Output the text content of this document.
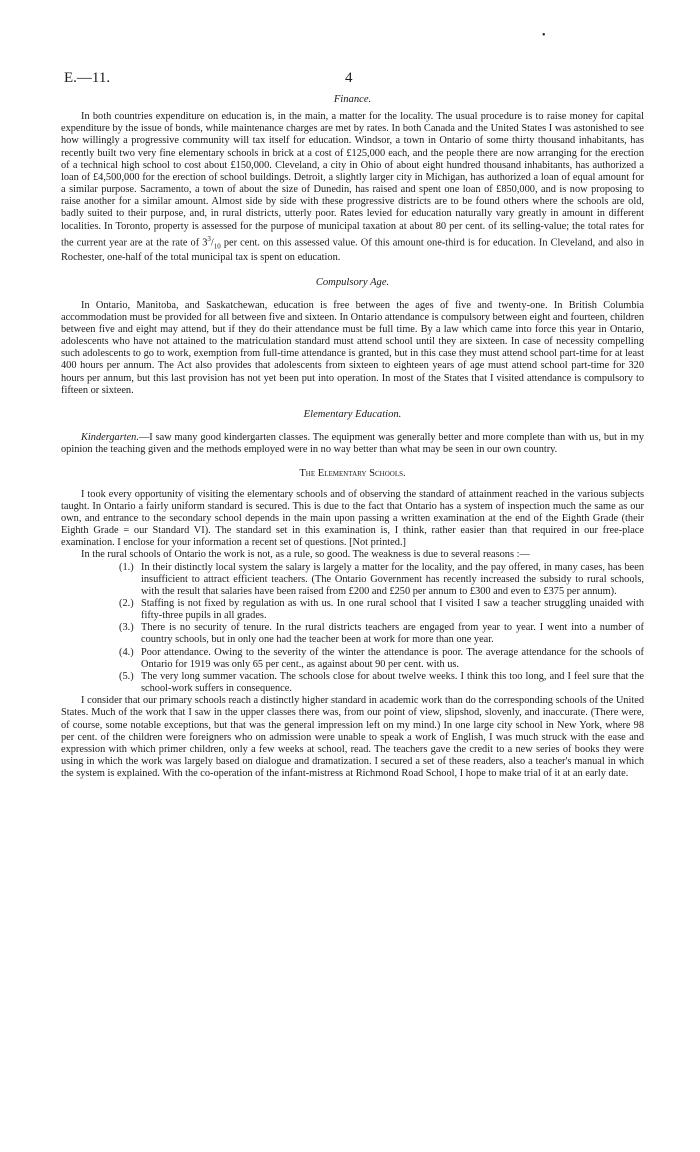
•
E.—11.	4
Finance.

In both countries expenditure on education is, in the main, a matter for the locality. The usual procedure is to raise money for capital expenditure by the issue of bonds, while maintenance charges are met by rates. In both Canada and the United States I was astonished to see how willingly a progressive community will tax itself for education. Windsor, a town in Ontario of some thirty thousand inhabitants, has recently built two very fine elementary schools in brick at a cost of £125,000 each, and the people there are now arranging for the erection of a technical high school to cost about £150,000. Cleveland, a city in Ohio of about eight hundred thousand inhabitants, has authorized a loan of £4,500,000 for the erection of school buildings. Detroit, a slightly larger city in Michigan, has authorized a loan of equal amount for a similar purpose. Sacramento, a town of about the size of Dunedin, has raised and spent one loan of £850,000, and is now proposing to raise another for a similar amount. Almost side by side with these progressive districts are to be found others where the schools are old, badly suited to their purpose, and, in rural districts, utterly poor. Rates levied for education naturally vary greatly in amount in different localities. In Toronto, property is assessed for the purpose of municipal taxation at about 80 per cent. of its selling-value; the total rates for the current year are at the rate of $3^3/_{10}$ per cent. on this assessed value. Of this amount one-third is for education. In Cleveland, and also in Rochester, one-half of the total municipal tax is spent on education.

Compulsory Age.

In Ontario, Manitoba, and Saskatchewan, education is free between the ages of five and twenty-one. In British Columbia accommodation must be provided for all between five and sixteen. In Ontario attendance is compulsory between eight and fourteen, children between five and eight may attend, but if they do their attendance must be full time. By a law which came into force this year in Ontario, adolescents who have not attained to the matriculation standard must attend school until they are sixteen. In case of necessity compelling such adolescents to go to work, exemption from full-time attendance is granted, but in this case they must attend school part-time for at least 400 hours per annum. The Act also provides that adolescents from sixteen to eighteen years of age must attend school part-time for 320 hours per annum, but this last provision has not yet been put into operation. In most of the States that I visited attendance is compulsory to fifteen or sixteen.

Elementary Education.

Kindergarten.—I saw many good kindergarten classes. The equipment was generally better and more complete than with us, but in my opinion the teaching given and the methods employed were in no way better than what may be seen in our own country.

The Elementary Schools.

I took every opportunity of visiting the elementary schools and of observing the standard of attainment reached in the various subjects taught. In Ontario a fairly uniform standard is secured. This is due to the fact that Ontario has a system of inspection much the same as our own, and entrance to the secondary school depends in the main upon passing a written examination at the end of the Eighth Grade (their Eighth Grade = our Standard VI). The standard set in this examination is, I think, rather easier than that required in our free-place examination. I enclose for your information a recent set of questions. [Not printed.]

In the rural schools of Ontario the work is not, as a rule, so good. The weakness is due to several reasons :—

(1.) In their distinctly local system the salary is largely a matter for the locality, and the pay offered, in many cases, has been insufficient to attract efficient teachers. (The Ontario Government has recently increased the subsidy to rural schools, with the result that salaries have been raised from £200 and £250 per annum to £300 and even to £375 per annum).
(2.) Staffing is not fixed by regulation as with us. In one rural school that I visited I saw a teacher struggling unaided with fifty-three pupils in all grades.
(3.) There is no security of tenure. In the rural districts teachers are engaged from year to year. I went into a number of country schools, but in only one had the teacher been at work for more than one year.
(4.) Poor attendance. Owing to the severity of the winter the attendance is poor. The average attendance for the schools of Ontario for 1919 was only 65 per cent., as against about 90 per cent. with us.
(5.) The very long summer vacation. The schools close for about twelve weeks. I think this too long, and I feel sure that the school-work suffers in consequence.

I consider that our primary schools reach a distinctly higher standard in academic work than do the corresponding schools of the United States. Much of the work that I saw in the upper classes there was, from our point of view, slipshod, slovenly, and inaccurate. (There were, of course, some notable exceptions, but that was the general impression left on my mind.) In one large city school in New York, where 98 per cent. of the children were foreigners who on admission were unable to speak a work of English, I was much struck with the ease and expression with which primer children, only a few weeks at school, read. The teachers gave the credit to a new series of books they were using in which the work was largely based on dialogue and dramatization. I secured a set of these readers, also a teacher's manual in which the system is explained. With the co-operation of the infant-mistress at Richmond Road School, I hope to make trial of it at an early date.
